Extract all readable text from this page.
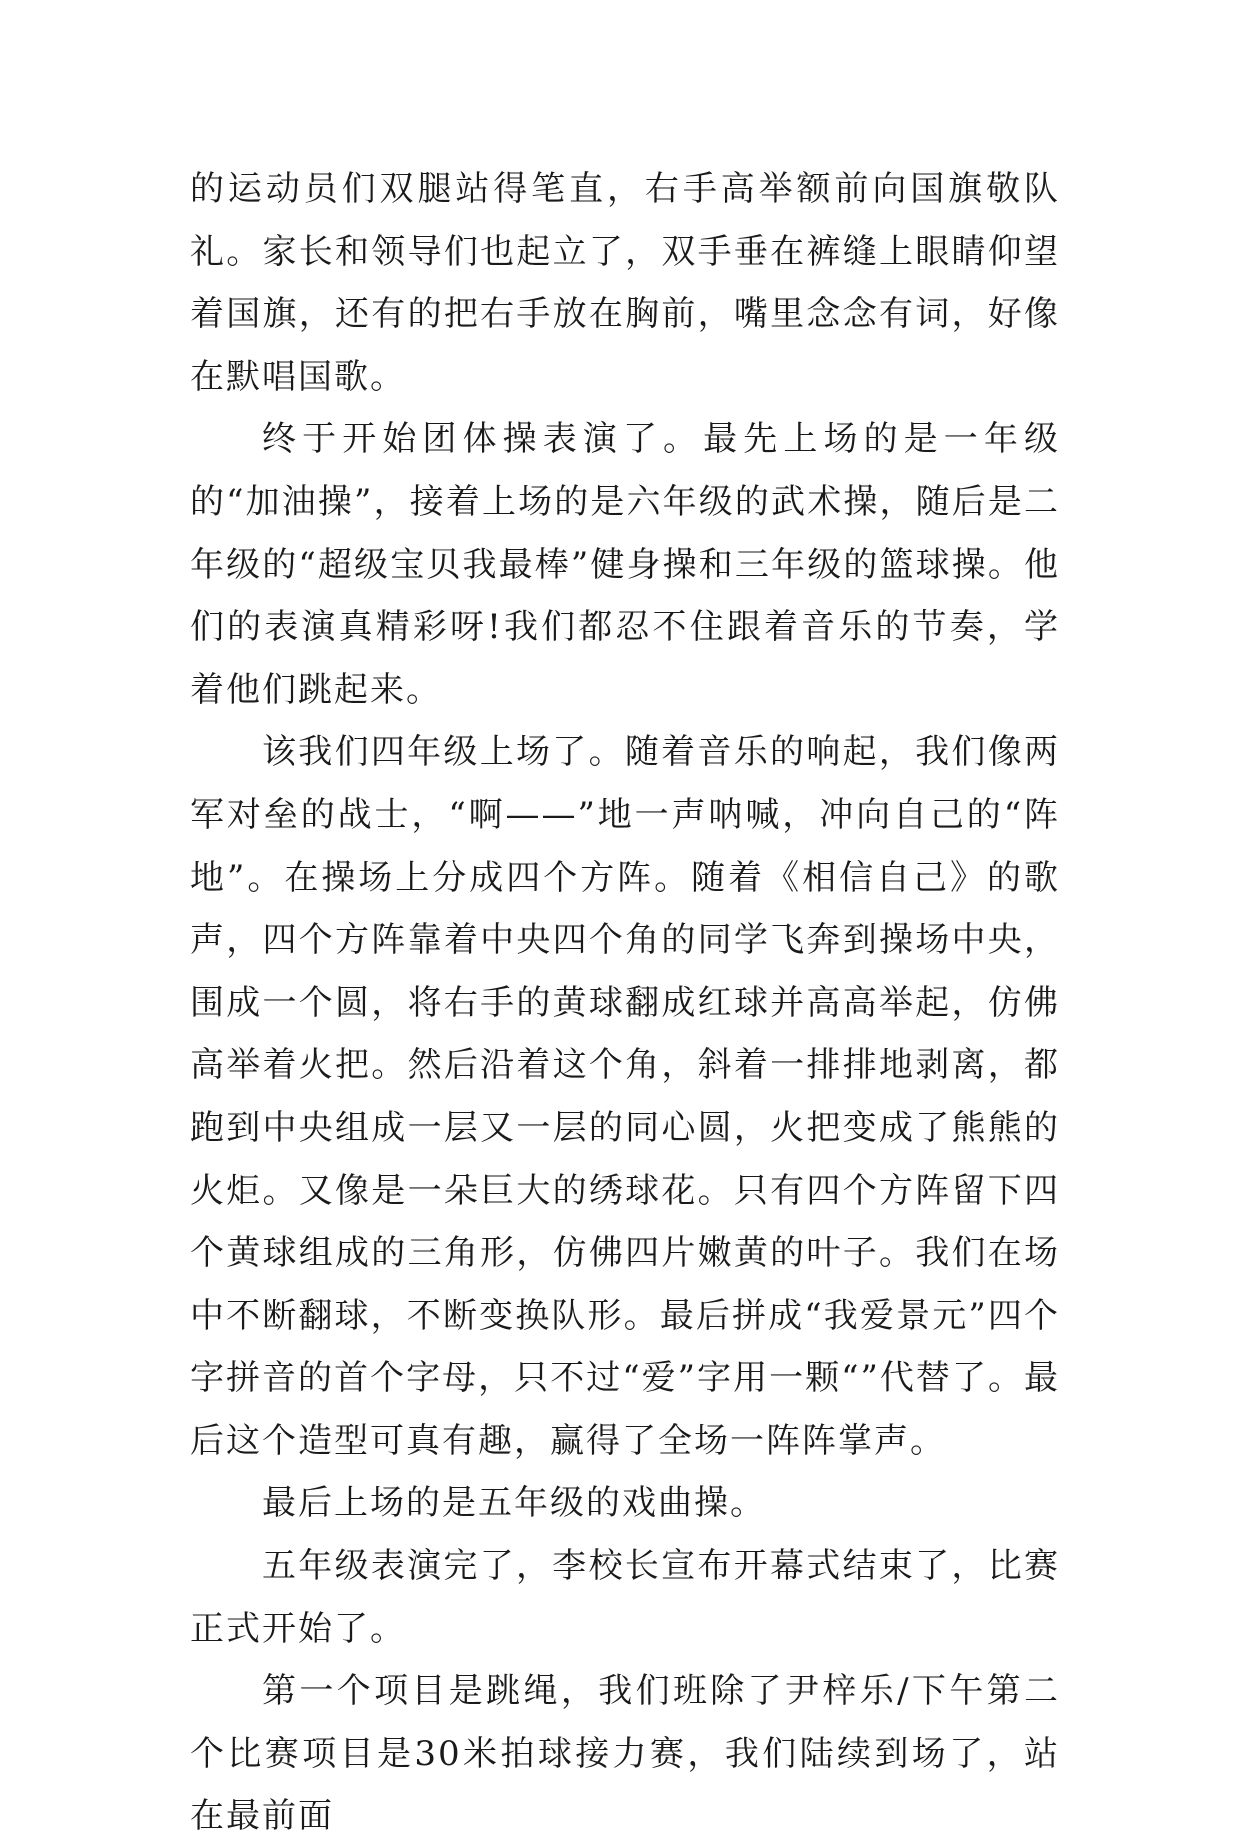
的运动员们双腿站得笔直，右手高举额前向国旗敬队礼。家长和领导们也起立了，双手垂在裤缝上眼睛仰望着国旗，还有的把右手放在胸前，嘴里念念有词，好像在默唱国歌。

终于开始团体操表演了。最先上场的是一年级的“加油操”，接着上场的是六年级的武术操，随后是二年级的“超级宝贝我最棒”健身操和三年级的篮球操。他们的表演真精彩呀!我们都忍不住跟着音乐的节奏，学着他们跳起来。

该我们四年级上场了。随着音乐的响起，我们像两军对垒的战士，“啊——”地一声呐喊，冲向自己的“阵地”。在操场上分成四个方阵。随着《相信自己》的歌声，四个方阵靠着中央四个角的同学飞奔到操场中央，围成一个圆，将右手的黄球翻成红球并高高举起，仿佛高举着火把。然后沿着这个角，斜着一排排地剥离，都跑到中央组成一层又一层的同心圆，火把变成了熊熊的火炬。又像是一朵巨大的绣球花。只有四个方阵留下四个黄球组成的三角形，仿佛四片嫩黄的叶子。我们在场中不断翻球，不断变换队形。最后拼成“我爱景元”四个字拼音的首个字母，只不过“爱”字用一颗“”代替了。最后这个造型可真有趣，赢得了全场一阵阵掌声。

最后上场的是五年级的戏曲操。

五年级表演完了，李校长宣布开幕式结束了，比赛正式开始了。

第一个项目是跳绳，我们班除了尹梓乐/下午第二个比赛项目是30米拍球接力赛，我们陆续到场了，站在最前面
